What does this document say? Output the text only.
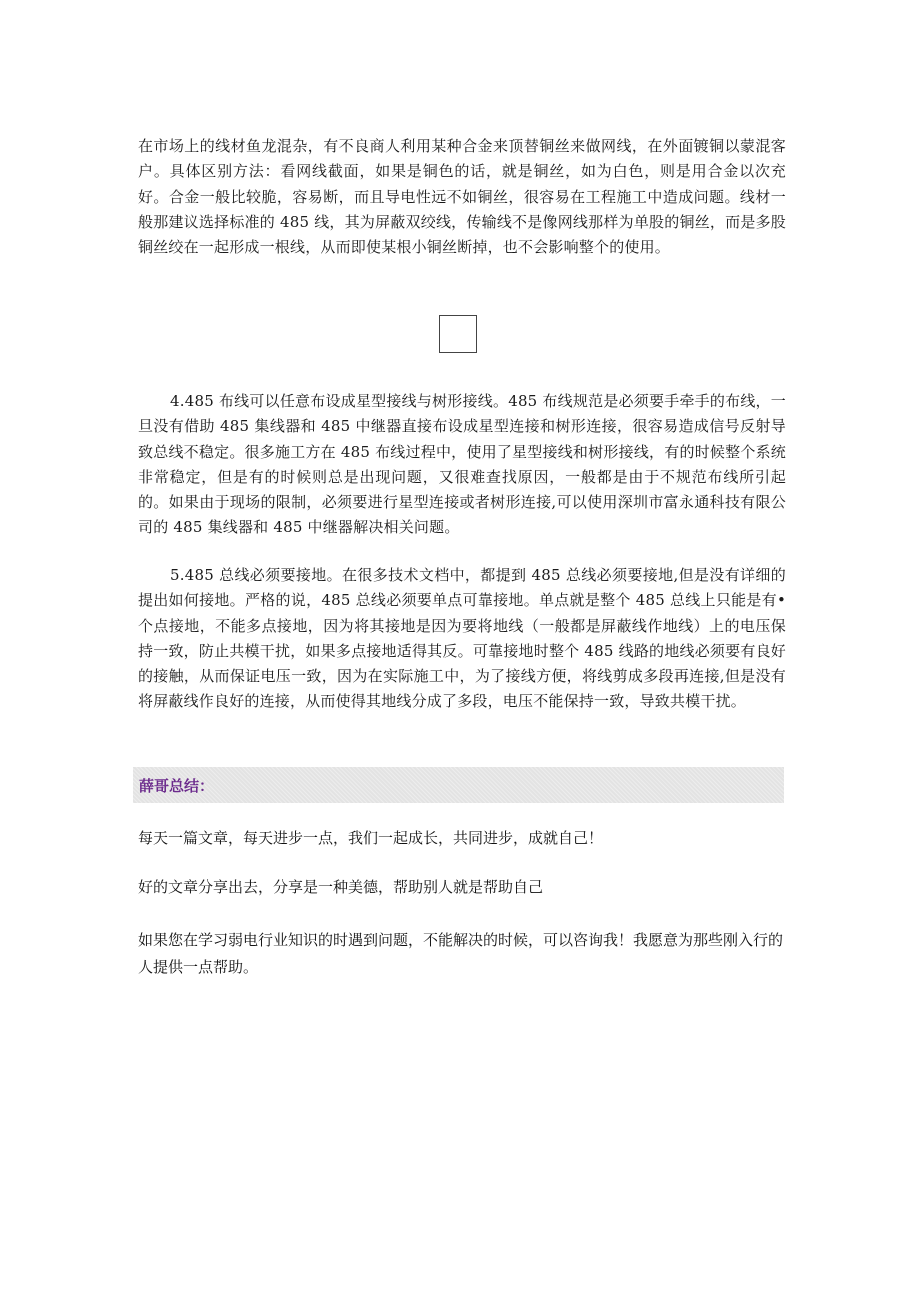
在市场上的线材鱼龙混杂，有不良商人利用某种合金来顶替铜丝来做网线，在外面镀铜以蒙混客户。具体区别方法：看网线截面，如果是铜色的话，就是铜丝，如为白色，则是用合金以次充好。合金一般比较脆，容易断，而且导电性远不如铜丝，很容易在工程施工中造成问题。线材一般那建议选择标准的 485 线，其为屏蔽双绞线，传输线不是像网线那样为单股的铜丝，而是多股铜丝绞在一起形成一根线，从而即使某根小铜丝断掉，也不会影响整个的使用。

4.485 布线可以任意布设成星型接线与树形接线。485 布线规范是必须要手牵手的布线，一旦没有借助 485 集线器和 485 中继器直接布设成星型连接和树形连接，很容易造成信号反射导致总线不稳定。很多施工方在 485 布线过程中，使用了星型接线和树形接线，有的时候整个系统非常稳定，但是有的时候则总是出现问题，又很难查找原因，一般都是由于不规范布线所引起的。如果由于现场的限制，必须要进行星型连接或者树形连接,可以使用深圳市富永通科技有限公司的 485 集线器和 485 中继器解决相关问题。

5.485 总线必须要接地。在很多技术文档中，都提到 485 总线必须要接地,但是没有详细的提出如何接地。严格的说，485 总线必须要单点可靠接地。单点就是整个 485 总线上只能是有•个点接地，不能多点接地，因为将其接地是因为要将地线（一般都是屏蔽线作地线）上的电压保持一致，防止共模干扰，如果多点接地适得其反。可靠接地时整个 485 线路的地线必须要有良好的接触，从而保证电压一致，因为在实际施工中，为了接线方便，将线剪成多段再连接,但是没有将屏蔽线作良好的连接，从而使得其地线分成了多段，电压不能保持一致，导致共模干扰。

薛哥总结：

每天一篇文章，每天进步一点，我们一起成长，共同进步，成就自己！

好的文章分享出去，分享是一种美德，帮助别人就是帮助自己

如果您在学习弱电行业知识的时遇到问题，不能解决的时候，可以咨询我！我愿意为那些刚入行的人提供一点帮助。
